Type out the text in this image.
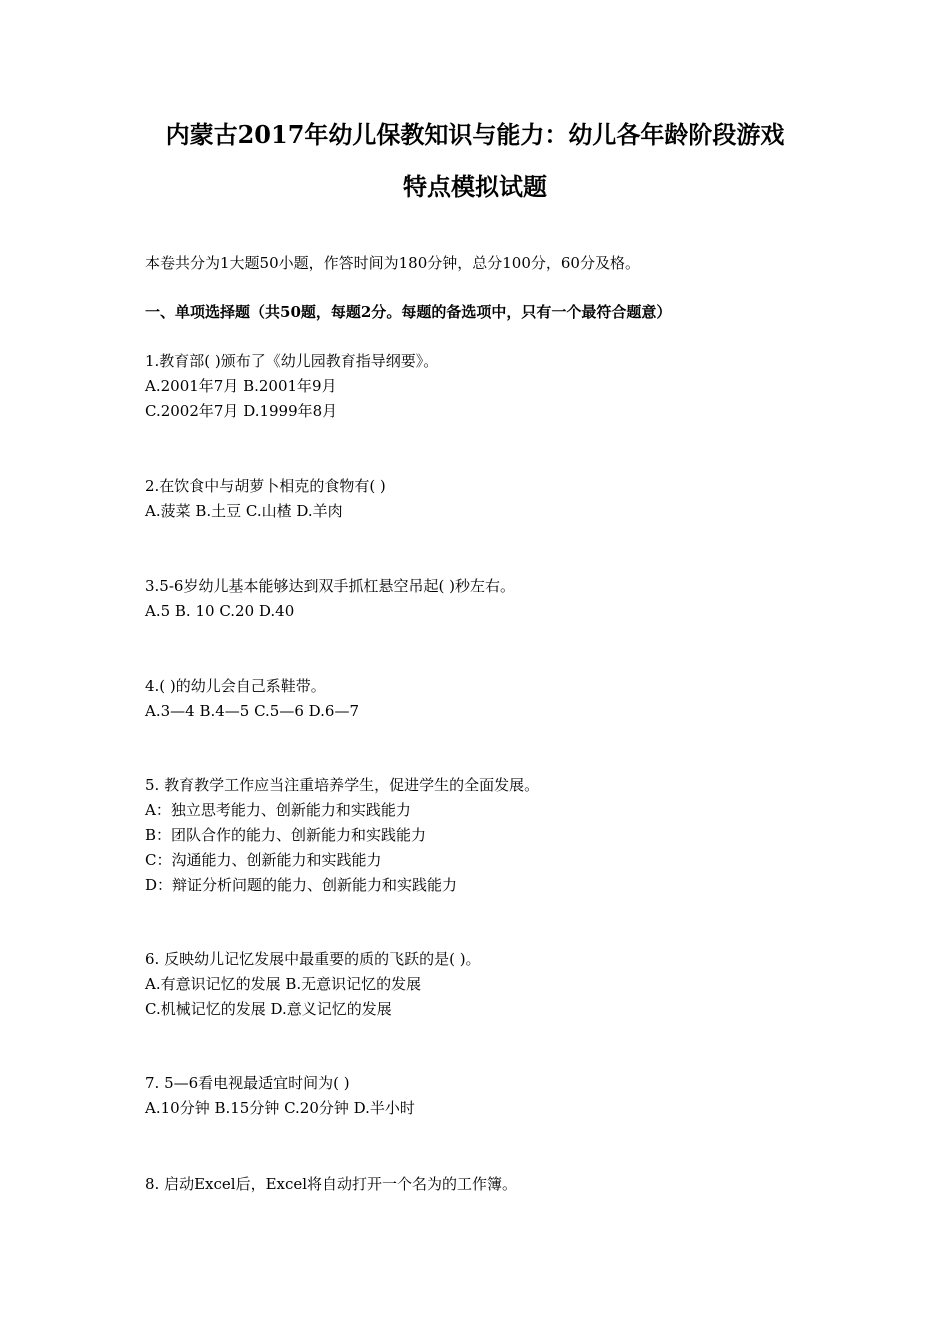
内蒙古2017年幼儿保教知识与能力：幼儿各年龄阶段游戏
特点模拟试题
本卷共分为1大题50小题，作答时间为180分钟，总分100分，60分及格。
一、单项选择题（共50题，每题2分。每题的备选项中，只有一个最符合题意）
1.教育部( )颁布了《幼儿园教育指导纲要》。
A.2001年7月 B.2001年9月
C.2002年7月 D.1999年8月
2.在饮食中与胡萝卜相克的食物有( )
A.菠菜 B.土豆 C.山楂 D.羊肉
3.5-6岁幼儿基本能够达到双手抓杠悬空吊起( )秒左右。
A.5 B. 10 C.20 D.40
4.( )的幼儿会自己系鞋带。
A.3—4 B.4—5 C.5—6 D.6—7
5. 教育教学工作应当注重培养学生，促进学生的全面发展。
A：独立思考能力、创新能力和实践能力
B：团队合作的能力、创新能力和实践能力
C：沟通能力、创新能力和实践能力
D：辩证分析问题的能力、创新能力和实践能力
6. 反映幼儿记忆发展中最重要的质的飞跃的是( )。
A.有意识记忆的发展 B.无意识记忆的发展
C.机械记忆的发展 D.意义记忆的发展
7. 5—6看电视最适宜时间为( )
A.10分钟 B.15分钟 C.20分钟 D.半小时
8. 启动Excel后，Excel将自动打开一个名为的工作簿。
